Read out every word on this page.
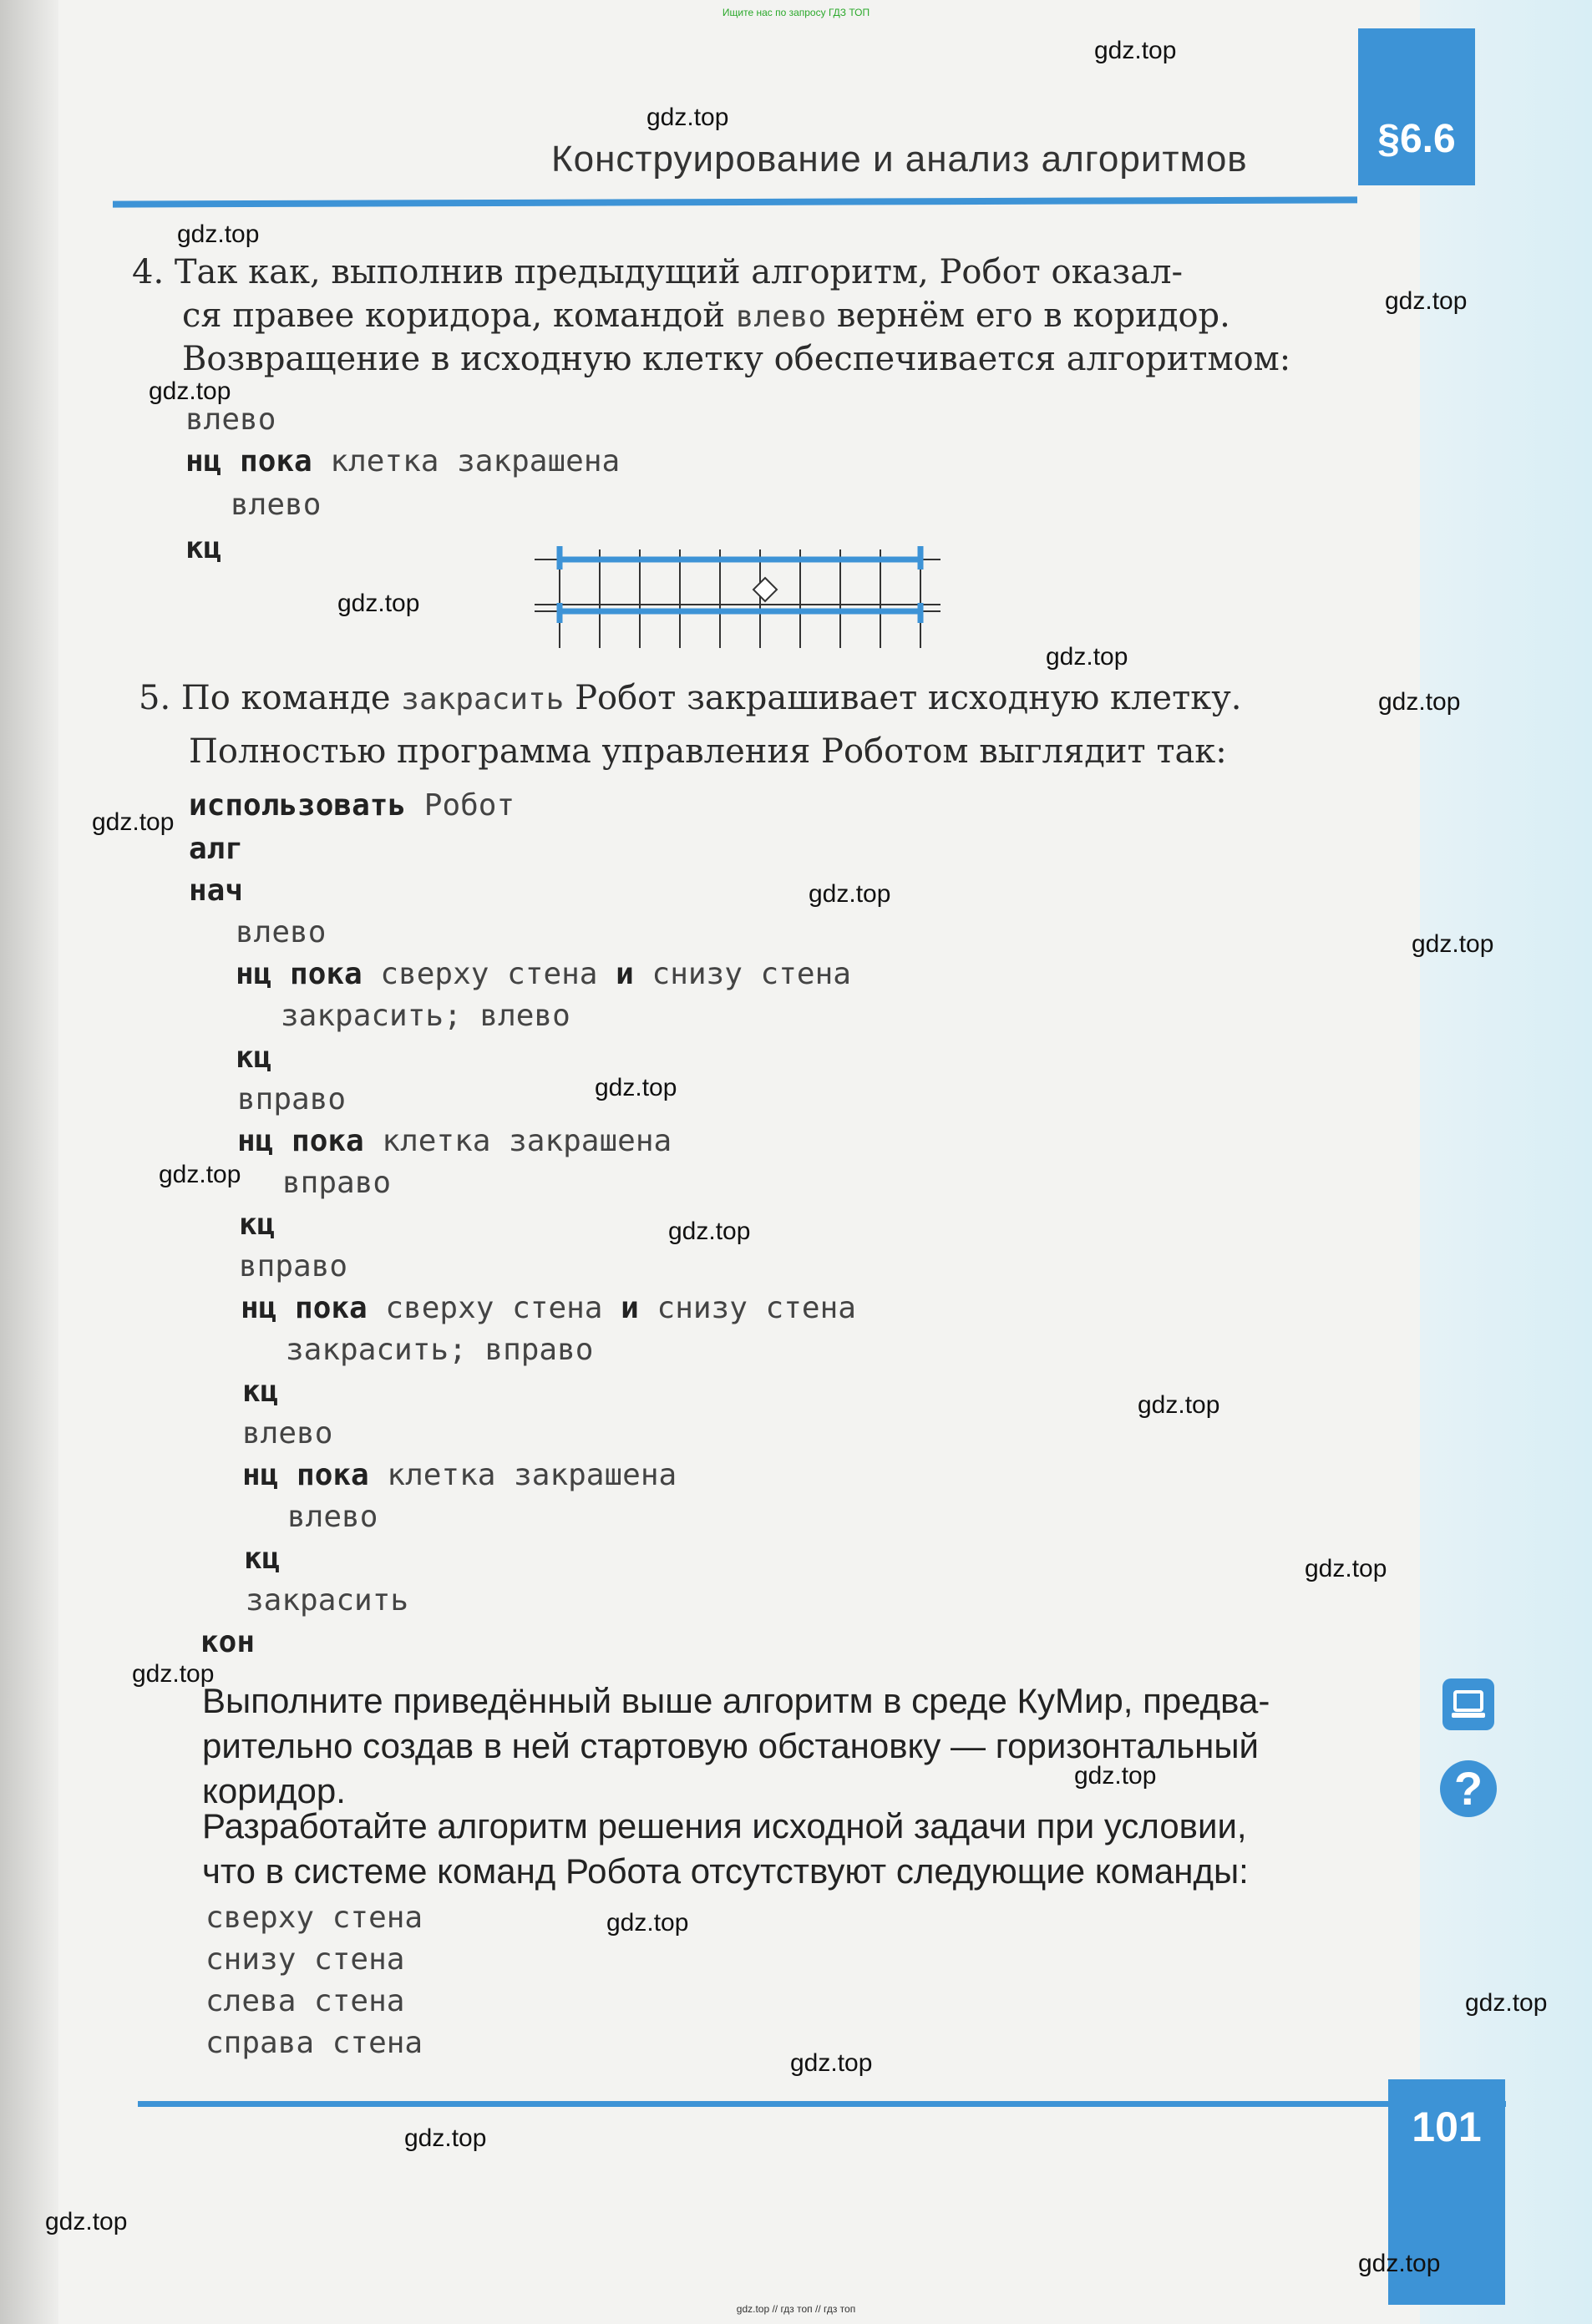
Ищите нас по запросу ГДЗ ТОП
Конструирование и анализ алгоритмов	§6.6
4. Так как, выполнив предыдущий алгоритм, Робот оказал-
ся правее коридора, командой влево вернём его в коридор.
Возвращение в исходную клетку обеспечивается алгоритмом:
влево
нц пока клетка закрашена
влево
кц
5. По команде закрасить Робот закрашивает исходную клетку.
Полностью программа управления Роботом выглядит так:
использовать Робот
алг
нач
влево
нц пока сверху стена и снизу стена
закрасить; влево
кц
вправо
нц пока клетка закрашена
вправо
кц
вправо
нц пока сверху стена и снизу стена
закрасить; вправо
кц
влево
нц пока клетка закрашена
влево
кц
закрасить
кон
Выполните приведённый выше алгоритм в среде КуМир, предва-
рительно создав в ней стартовую обстановку — горизонтальный
коридор.
Разработайте алгоритм решения исходной задачи при условии,
что в системе команд Робота отсутствуют следующие команды:
сверху стена
снизу стена
слева стена
справа стена
?
101
gdz.top // гдз топ // гдз топ
gdz.top
gdz.top
gdz.top
gdz.top
gdz.top
gdz.top
gdz.top
gdz.top
gdz.top
gdz.top
gdz.top
gdz.top
gdz.top
gdz.top
gdz.top
gdz.top
gdz.top
gdz.top
gdz.top
gdz.top
gdz.top
gdz.top
gdz.top
gdz.top
